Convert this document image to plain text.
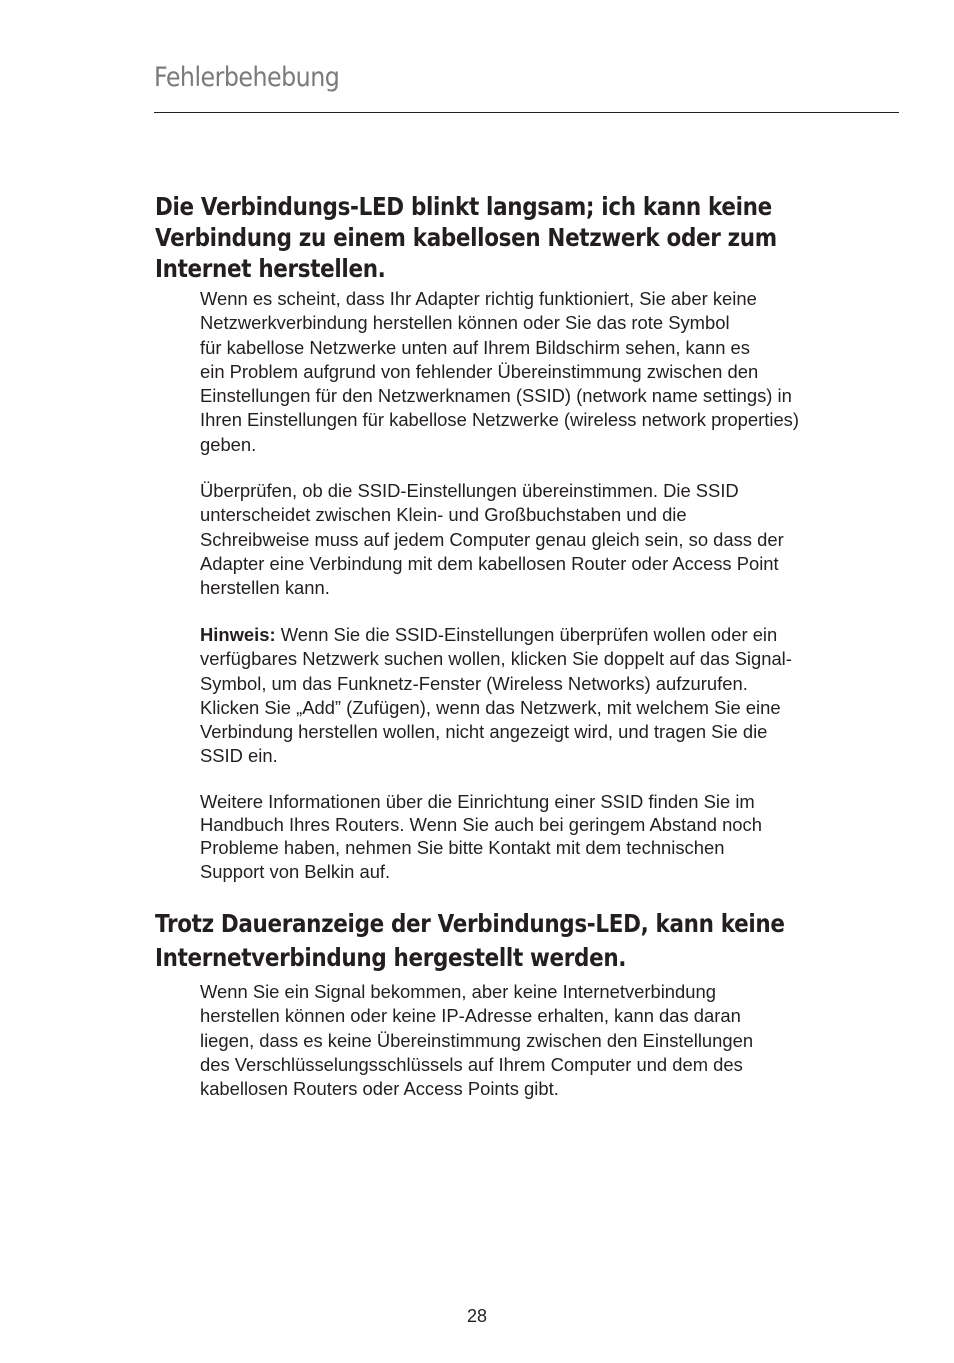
Fehlerbehebung
Die Verbindungs-LED blinkt langsam; ich kann keine
Verbindung zu einem kabellosen Netzwerk oder zum
Internet herstellen.

Wenn es scheint, dass Ihr Adapter richtig funktioniert, Sie aber keine
Netzwerkverbindung herstellen können oder Sie das rote Symbol
für kabellose Netzwerke unten auf Ihrem Bildschirm sehen, kann es
ein Problem aufgrund von fehlender Übereinstimmung zwischen den
Einstellungen für den Netzwerknamen (SSID) (network name settings) in
Ihren Einstellungen für kabellose Netzwerke (wireless network properties)
geben.

Überprüfen, ob die SSID-Einstellungen übereinstimmen. Die SSID
unterscheidet zwischen Klein- und Großbuchstaben und die
Schreibweise muss auf jedem Computer genau gleich sein, so dass der
Adapter eine Verbindung mit dem kabellosen Router oder Access Point
herstellen kann.

Hinweis: Wenn Sie die SSID-Einstellungen überprüfen wollen oder ein
verfügbares Netzwerk suchen wollen, klicken Sie doppelt auf das Signal-
Symbol, um das Funknetz-Fenster (Wireless Networks) aufzurufen.
Klicken Sie „Add” (Zufügen), wenn das Netzwerk, mit welchem Sie eine
Verbindung herstellen wollen, nicht angezeigt wird, und tragen Sie die
SSID ein.

Weitere Informationen über die Einrichtung einer SSID finden Sie im
Handbuch Ihres Routers. Wenn Sie auch bei geringem Abstand noch
Probleme haben, nehmen Sie bitte Kontakt mit dem technischen
Support von Belkin auf.

Trotz Daueranzeige der Verbindungs-LED, kann keine
Internetverbindung hergestellt werden.

Wenn Sie ein Signal bekommen, aber keine Internetverbindung
herstellen können oder keine IP-Adresse erhalten, kann das daran
liegen, dass es keine Übereinstimmung zwischen den Einstellungen
des Verschlüsselungsschlüssels auf Ihrem Computer und dem des
kabellosen Routers oder Access Points gibt.

28
